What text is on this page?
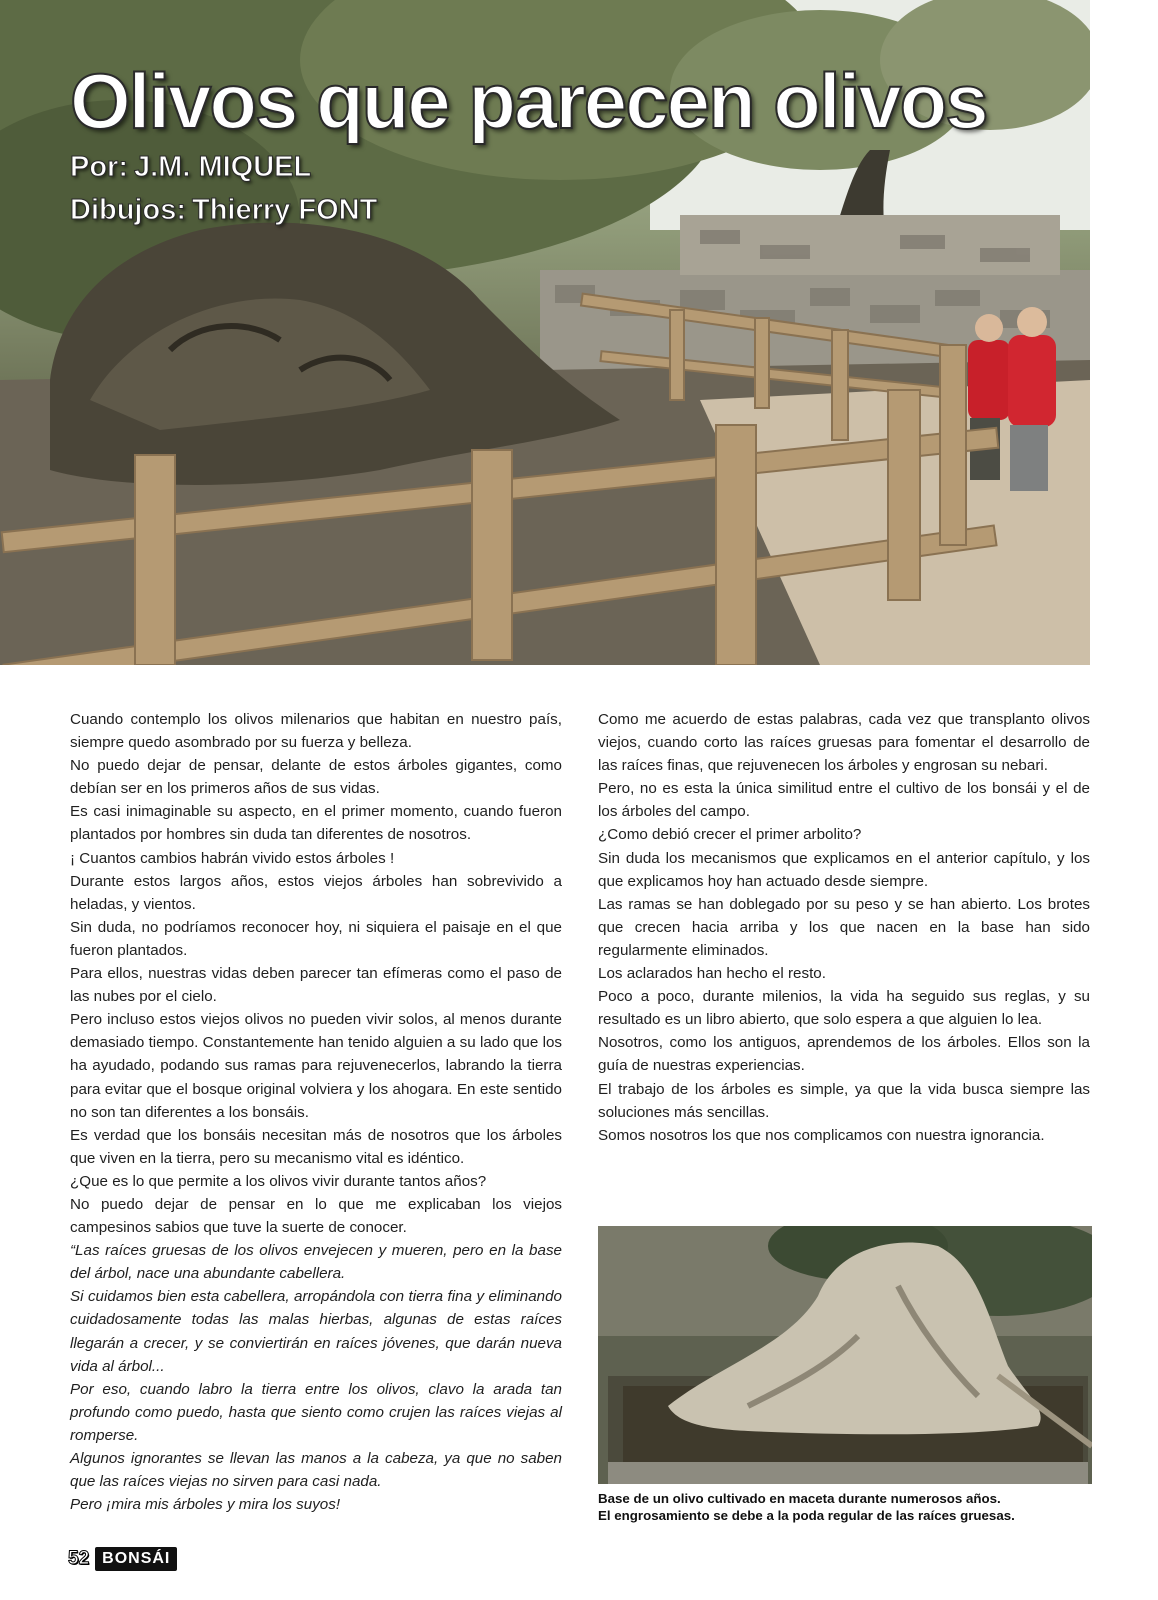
Olivos que parecen olivos
Por: J.M. MIQUEL
Dibujos: Thierry FONT

Cuando contemplo los olivos milenarios que habitan en nuestro país, siempre quedo asombrado por su fuerza y belleza.

No puedo dejar de pensar, delante de estos árboles gigantes, como debían ser en los primeros años de sus vidas.

Es casi inimaginable su aspecto, en el primer momento, cuando fueron plantados por hombres sin duda tan diferentes de nosotros.

¡ Cuantos cambios habrán vivido estos árboles !

Durante estos largos años, estos viejos árboles han sobrevivido a heladas, y vientos.

Sin duda, no podríamos reconocer hoy, ni siquiera el paisaje en el que fueron plantados.

Para ellos, nuestras vidas deben parecer tan efímeras como el paso de las nubes por el cielo.

Pero incluso estos viejos olivos no pueden vivir solos, al menos durante demasiado tiempo. Constantemente han tenido alguien a su lado que los ha ayudado, podando sus ramas para rejuvenecerlos, labrando la tierra para evitar que el bosque original volviera y los ahogara. En este sentido no son tan diferentes a los bonsáis.

Es verdad que los bonsáis necesitan más de nosotros que los árboles que viven en la tierra, pero su mecanismo vital es idéntico.

¿Que es lo que permite a los olivos vivir durante tantos años?

No puedo dejar de pensar en lo que me explicaban los viejos campesinos sabios que tuve la suerte de conocer.

“Las raíces gruesas de los olivos envejecen y mueren, pero en la base del árbol, nace una abundante cabellera.

Si cuidamos bien esta cabellera, arropándola con tierra fina y eliminando cuidadosamente todas las malas hierbas, algunas de estas raíces llegarán a crecer, y se conviertirán en raíces jóvenes, que darán nueva vida al árbol...

Por eso, cuando labro la tierra entre los olivos, clavo la arada tan profundo como puedo, hasta que siento como crujen las raíces viejas al romperse.

Algunos ignorantes se llevan las manos a la cabeza, ya que no saben que las raíces viejas no sirven para casi nada.

Pero ¡mira mis árboles y mira los suyos!

Como me acuerdo de estas palabras, cada vez que transplanto olivos viejos, cuando corto las raíces gruesas para fomentar el desarrollo de las raíces finas, que rejuvenecen los árboles y engrosan su nebari.

Pero, no es esta la única similitud entre el cultivo de los bonsái y el de los árboles del campo.

¿Como debió crecer el primer arbolito?

Sin duda los mecanismos que explicamos en el anterior capítulo, y los que explicamos hoy han actuado desde siempre.

Las ramas se han doblegado por su peso y se han abierto. Los brotes que crecen hacia arriba y los que nacen en la base han sido regularmente eliminados.

Los aclarados han hecho el resto.

Poco a poco, durante milenios, la vida ha seguido sus reglas, y su resultado es un libro abierto, que solo espera a que alguien lo lea.

Nosotros, como los antiguos, aprendemos de los árboles. Ellos son la guía de nuestras experiencias.

El trabajo de los árboles es simple, ya que la vida busca siempre las soluciones más sencillas.

Somos nosotros los que nos complicamos con nuestra ignorancia.

Base de un olivo cultivado en maceta durante numerosos años.
El engrosamiento se debe a la poda regular de las raíces gruesas.

52 BONSÁI
